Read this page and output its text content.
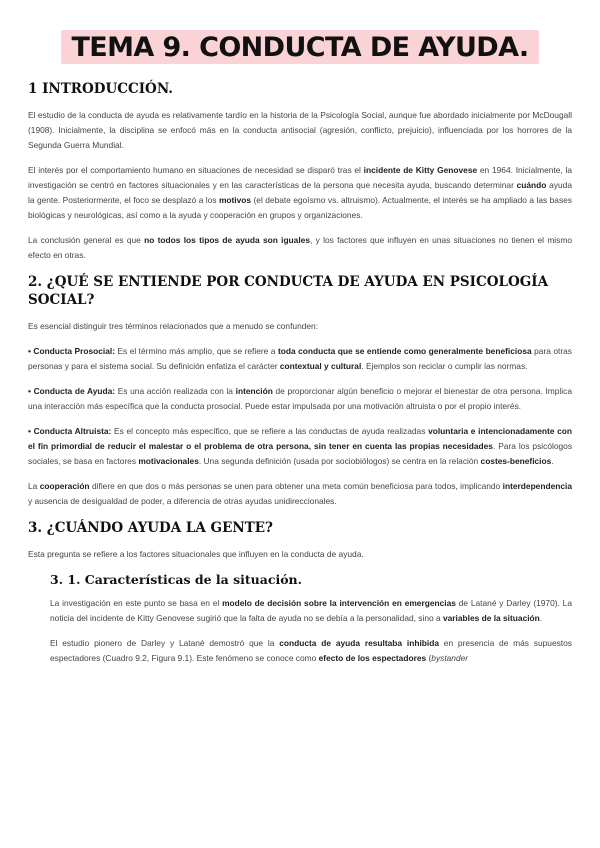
TEMA 9. CONDUCTA DE AYUDA.
1 INTRODUCCIÓN.

El estudio de la conducta de ayuda es relativamente tardío en la historia de la Psicología Social, aunque fue abordado inicialmente por McDougall (1908). Inicialmente, la disciplina se enfocó más en la conducta antisocial (agresión, conflicto, prejuicio), influenciada por los horrores de la Segunda Guerra Mundial.

El interés por el comportamiento humano en situaciones de necesidad se disparó tras el incidente de Kitty Genovese en 1964. Inicialmente, la investigación se centró en factores situacionales y en las características de la persona que necesita ayuda, buscando determinar cuándo ayuda la gente. Posteriormente, el foco se desplazó a los motivos (el debate egoísmo vs. altruismo). Actualmente, el interés se ha ampliado a las bases biológicas y neurológicas, así como a la ayuda y cooperación en grupos y organizaciones.

La conclusión general es que no todos los tipos de ayuda son iguales, y los factores que influyen en unas situaciones no tienen el mismo efecto en otras.

2. ¿QUÉ SE ENTIENDE POR CONDUCTA DE AYUDA EN PSICOLOGÍA SOCIAL?

Es esencial distinguir tres términos relacionados que a menudo se confunden:

• Conducta Prosocial: Es el término más amplio, que se refiere a toda conducta que se entiende como generalmente beneficiosa para otras personas y para el sistema social. Su definición enfatiza el carácter contextual y cultural. Ejemplos son reciclar o cumplir las normas.

• Conducta de Ayuda: Es una acción realizada con la intención de proporcionar algún beneficio o mejorar el bienestar de otra persona. Implica una interacción más específica que la conducta prosocial. Puede estar impulsada por una motivación altruista o por el propio interés.

• Conducta Altruista: Es el concepto más específico, que se refiere a las conductas de ayuda realizadas voluntaria e intencionadamente con el fin primordial de reducir el malestar o el problema de otra persona, sin tener en cuenta las propias necesidades. Para los psicólogos sociales, se basa en factores motivacionales. Una segunda definición (usada por sociobiólogos) se centra en la relación costes-beneficios.

La cooperación difiere en que dos o más personas se unen para obtener una meta común beneficiosa para todos, implicando interdependencia y ausencia de desigualdad de poder, a diferencia de otras ayudas unidireccionales.

3. ¿CUÁNDO AYUDA LA GENTE?

Esta pregunta se refiere a los factores situacionales que influyen en la conducta de ayuda.

3. 1. Características de la situación.

La investigación en este punto se basa en el modelo de decisión sobre la intervención en emergencias de Latané y Darley (1970). La noticia del incidente de Kitty Genovese sugirió que la falta de ayuda no se debía a la personalidad, sino a variables de la situación.

El estudio pionero de Darley y Latané demostró que la conducta de ayuda resultaba inhibida en presencia de más supuestos espectadores (Cuadro 9.2, Figura 9.1). Este fenómeno se conoce como efecto de los espectadores (bystander
